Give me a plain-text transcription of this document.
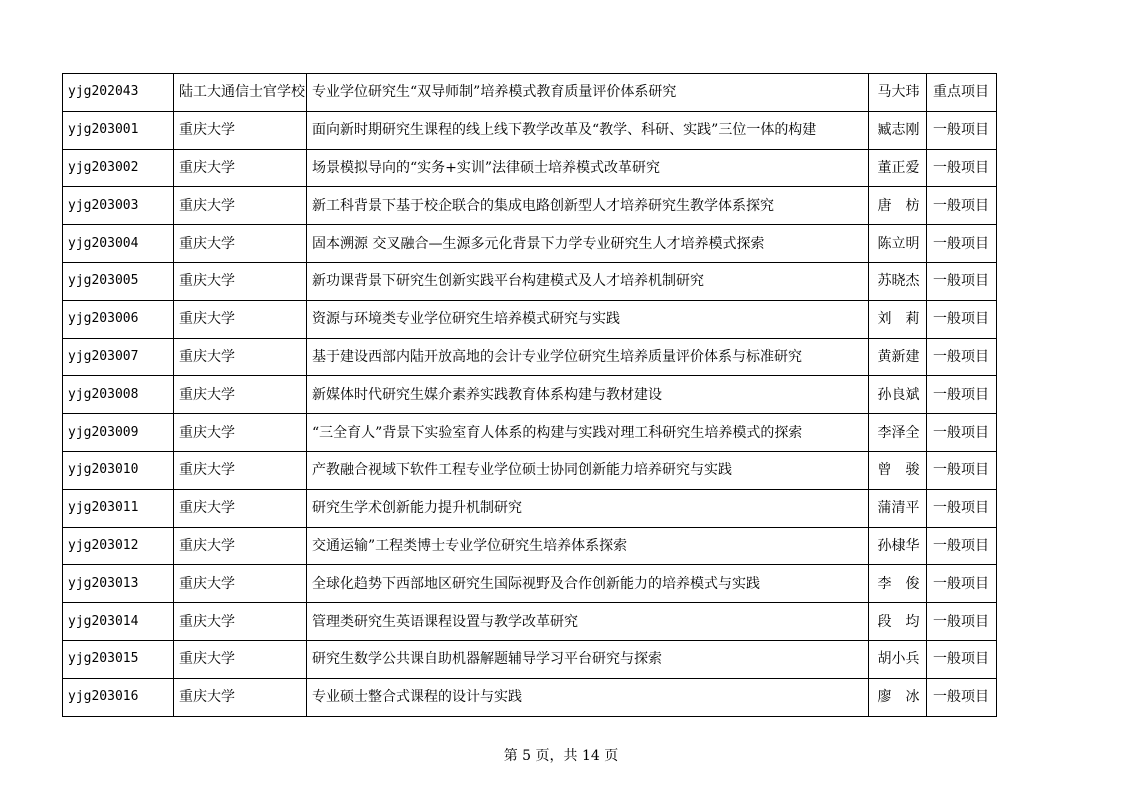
yjg202043	陆工大通信士官学校	专业学位研究生“双导师制”培养模式教育质量评价体系研究	马大玮	重点项目
yjg203001	重庆大学	面向新时期研究生课程的线上线下教学改革及“教学、科研、实践”三位一体的构建	臧志刚	一般项目
yjg203002	重庆大学	场景模拟导向的“实务+实训”法律硕士培养模式改革研究	董正爱	一般项目
yjg203003	重庆大学	新工科背景下基于校企联合的集成电路创新型人才培养研究生教学体系探究	唐　枋	一般项目
yjg203004	重庆大学	固本溯源 交叉融合—生源多元化背景下力学专业研究生人才培养模式探索	陈立明	一般项目
yjg203005	重庆大学	新功课背景下研究生创新实践平台构建模式及人才培养机制研究	苏晓杰	一般项目
yjg203006	重庆大学	资源与环境类专业学位研究生培养模式研究与实践	刘　莉	一般项目
yjg203007	重庆大学	基于建设西部内陆开放高地的会计专业学位研究生培养质量评价体系与标准研究	黄新建	一般项目
yjg203008	重庆大学	新媒体时代研究生媒介素养实践教育体系构建与教材建设	孙良斌	一般项目
yjg203009	重庆大学	“三全育人”背景下实验室育人体系的构建与实践对理工科研究生培养模式的探索	李泽全	一般项目
yjg203010	重庆大学	产教融合视域下软件工程专业学位硕士协同创新能力培养研究与实践	曾　骏	一般项目
yjg203011	重庆大学	研究生学术创新能力提升机制研究	蒲清平	一般项目
yjg203012	重庆大学	交通运输”工程类博士专业学位研究生培养体系探索	孙棣华	一般项目
yjg203013	重庆大学	全球化趋势下西部地区研究生国际视野及合作创新能力的培养模式与实践	李　俊	一般项目
yjg203014	重庆大学	管理类研究生英语课程设置与教学改革研究	段　均	一般项目
yjg203015	重庆大学	研究生数学公共课自助机器解题辅导学习平台研究与探索	胡小兵	一般项目
yjg203016	重庆大学	专业硕士整合式课程的设计与实践	廖　冰	一般项目
第 5 页，共 14 页
